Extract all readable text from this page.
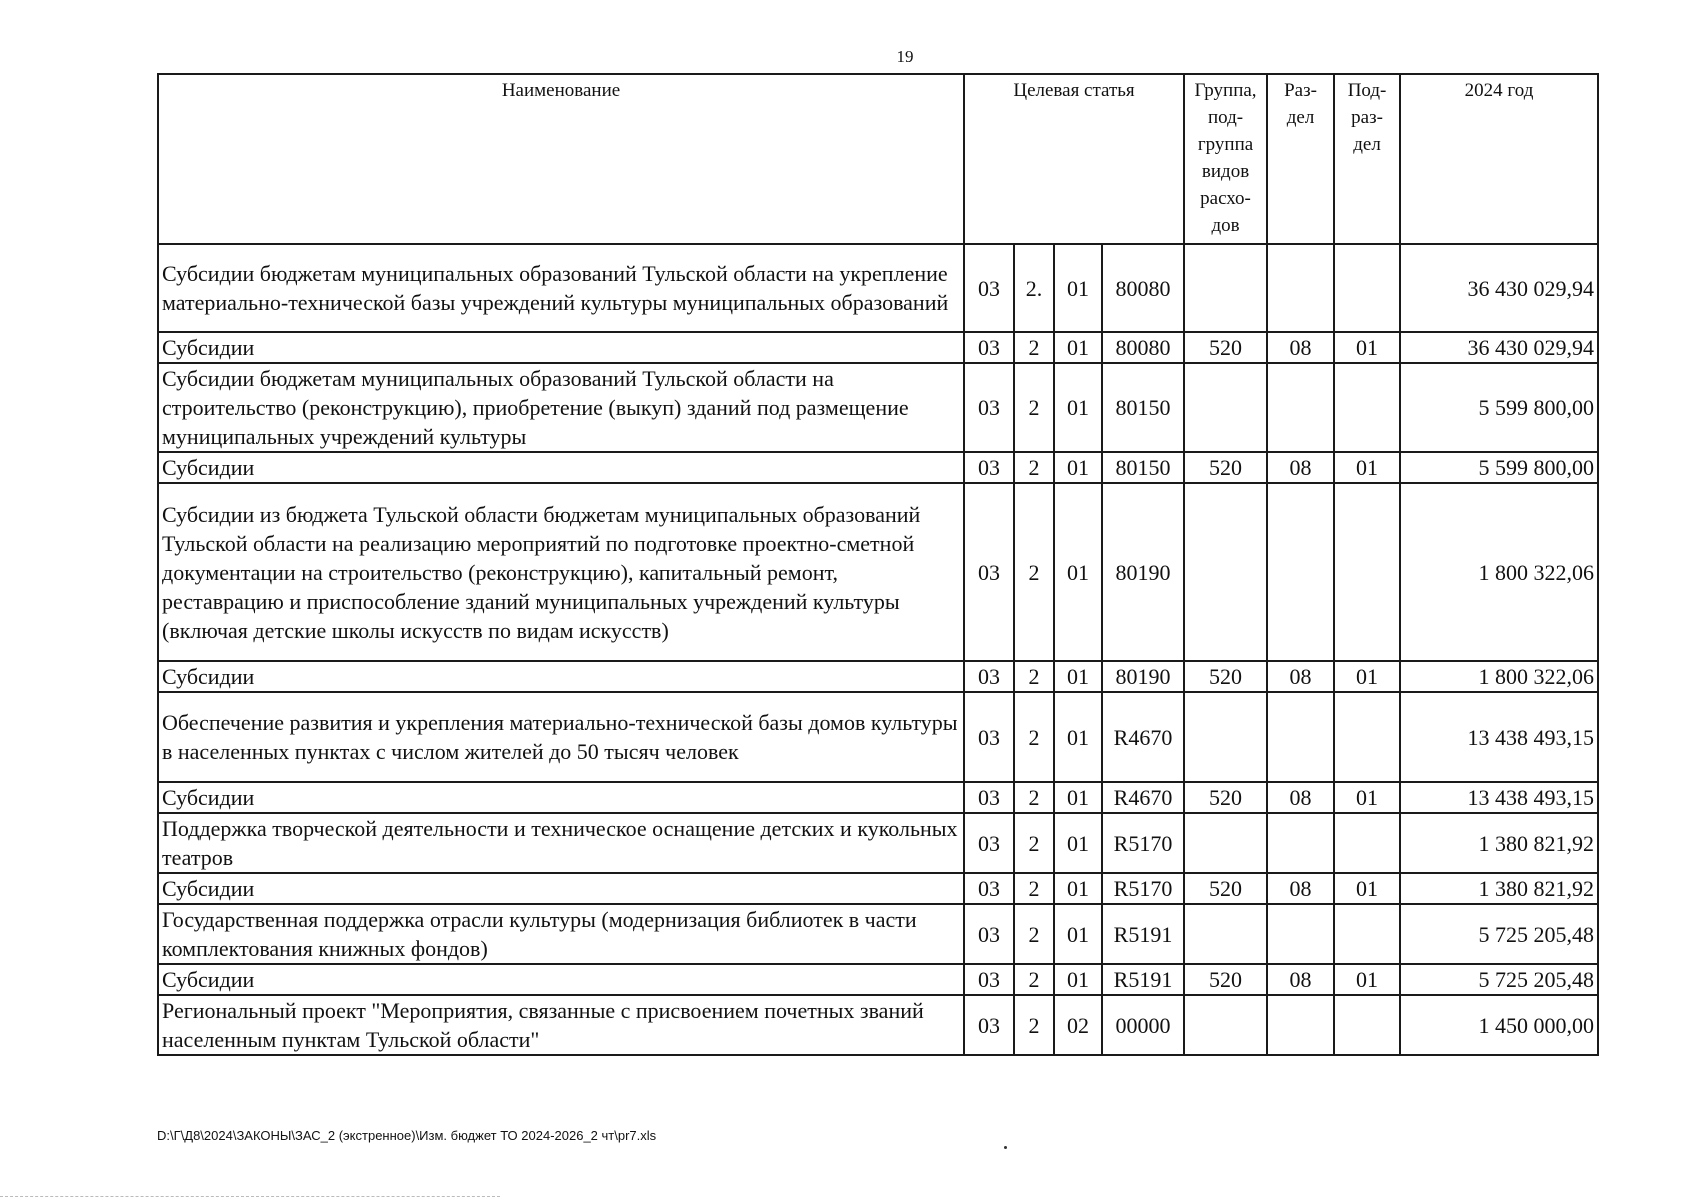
19
Наименование	Целевая статья				Группа, под-группа видов расхо-дов	Раз-дел	Под-раз-дел	2024 год
Субсидии бюджетам муниципальных образований Тульской области на укрепление материально-технической базы учреждений культуры муниципальных образований	03	2.	01	80080				36 430 029,94
Субсидии	03	2	01	80080	520	08	01	36 430 029,94
Субсидии бюджетам муниципальных образований Тульской области на строительство (реконструкцию), приобретение (выкуп) зданий под размещение муниципальных учреждений культуры	03	2	01	80150				5 599 800,00
Субсидии	03	2	01	80150	520	08	01	5 599 800,00
Субсидии из бюджета Тульской области бюджетам муниципальных образований Тульской области на реализацию мероприятий по подготовке проектно-сметной документации на строительство (реконструкцию), капитальный ремонт, реставрацию и приспособление зданий муниципальных учреждений культуры (включая детские школы искусств по видам искусств)	03	2	01	80190				1 800 322,06
Субсидии	03	2	01	80190	520	08	01	1 800 322,06
Обеспечение развития и укрепления материально-технической базы домов культуры в населенных пунктах с числом жителей до 50 тысяч человек	03	2	01	R4670				13 438 493,15
Субсидии	03	2	01	R4670	520	08	01	13 438 493,15
Поддержка творческой деятельности и техническое оснащение детских и кукольных театров	03	2	01	R5170				1 380 821,92
Субсидии	03	2	01	R5170	520	08	01	1 380 821,92
Государственная поддержка отрасли культуры (модернизация библиотек в части комплектования книжных фондов)	03	2	01	R5191				5 725 205,48
Субсидии	03	2	01	R5191	520	08	01	5 725 205,48
Региональный проект "Мероприятия, связанные с присвоением почетных званий населенным пунктам Тульской области"	03	2	02	00000				1 450 000,00
D:\Г\Д8\2024\ЗАКОНЫ\ЗАС_2 (экстренное)\Изм. бюджет ТО 2024-2026_2 чт\pr7.xls
